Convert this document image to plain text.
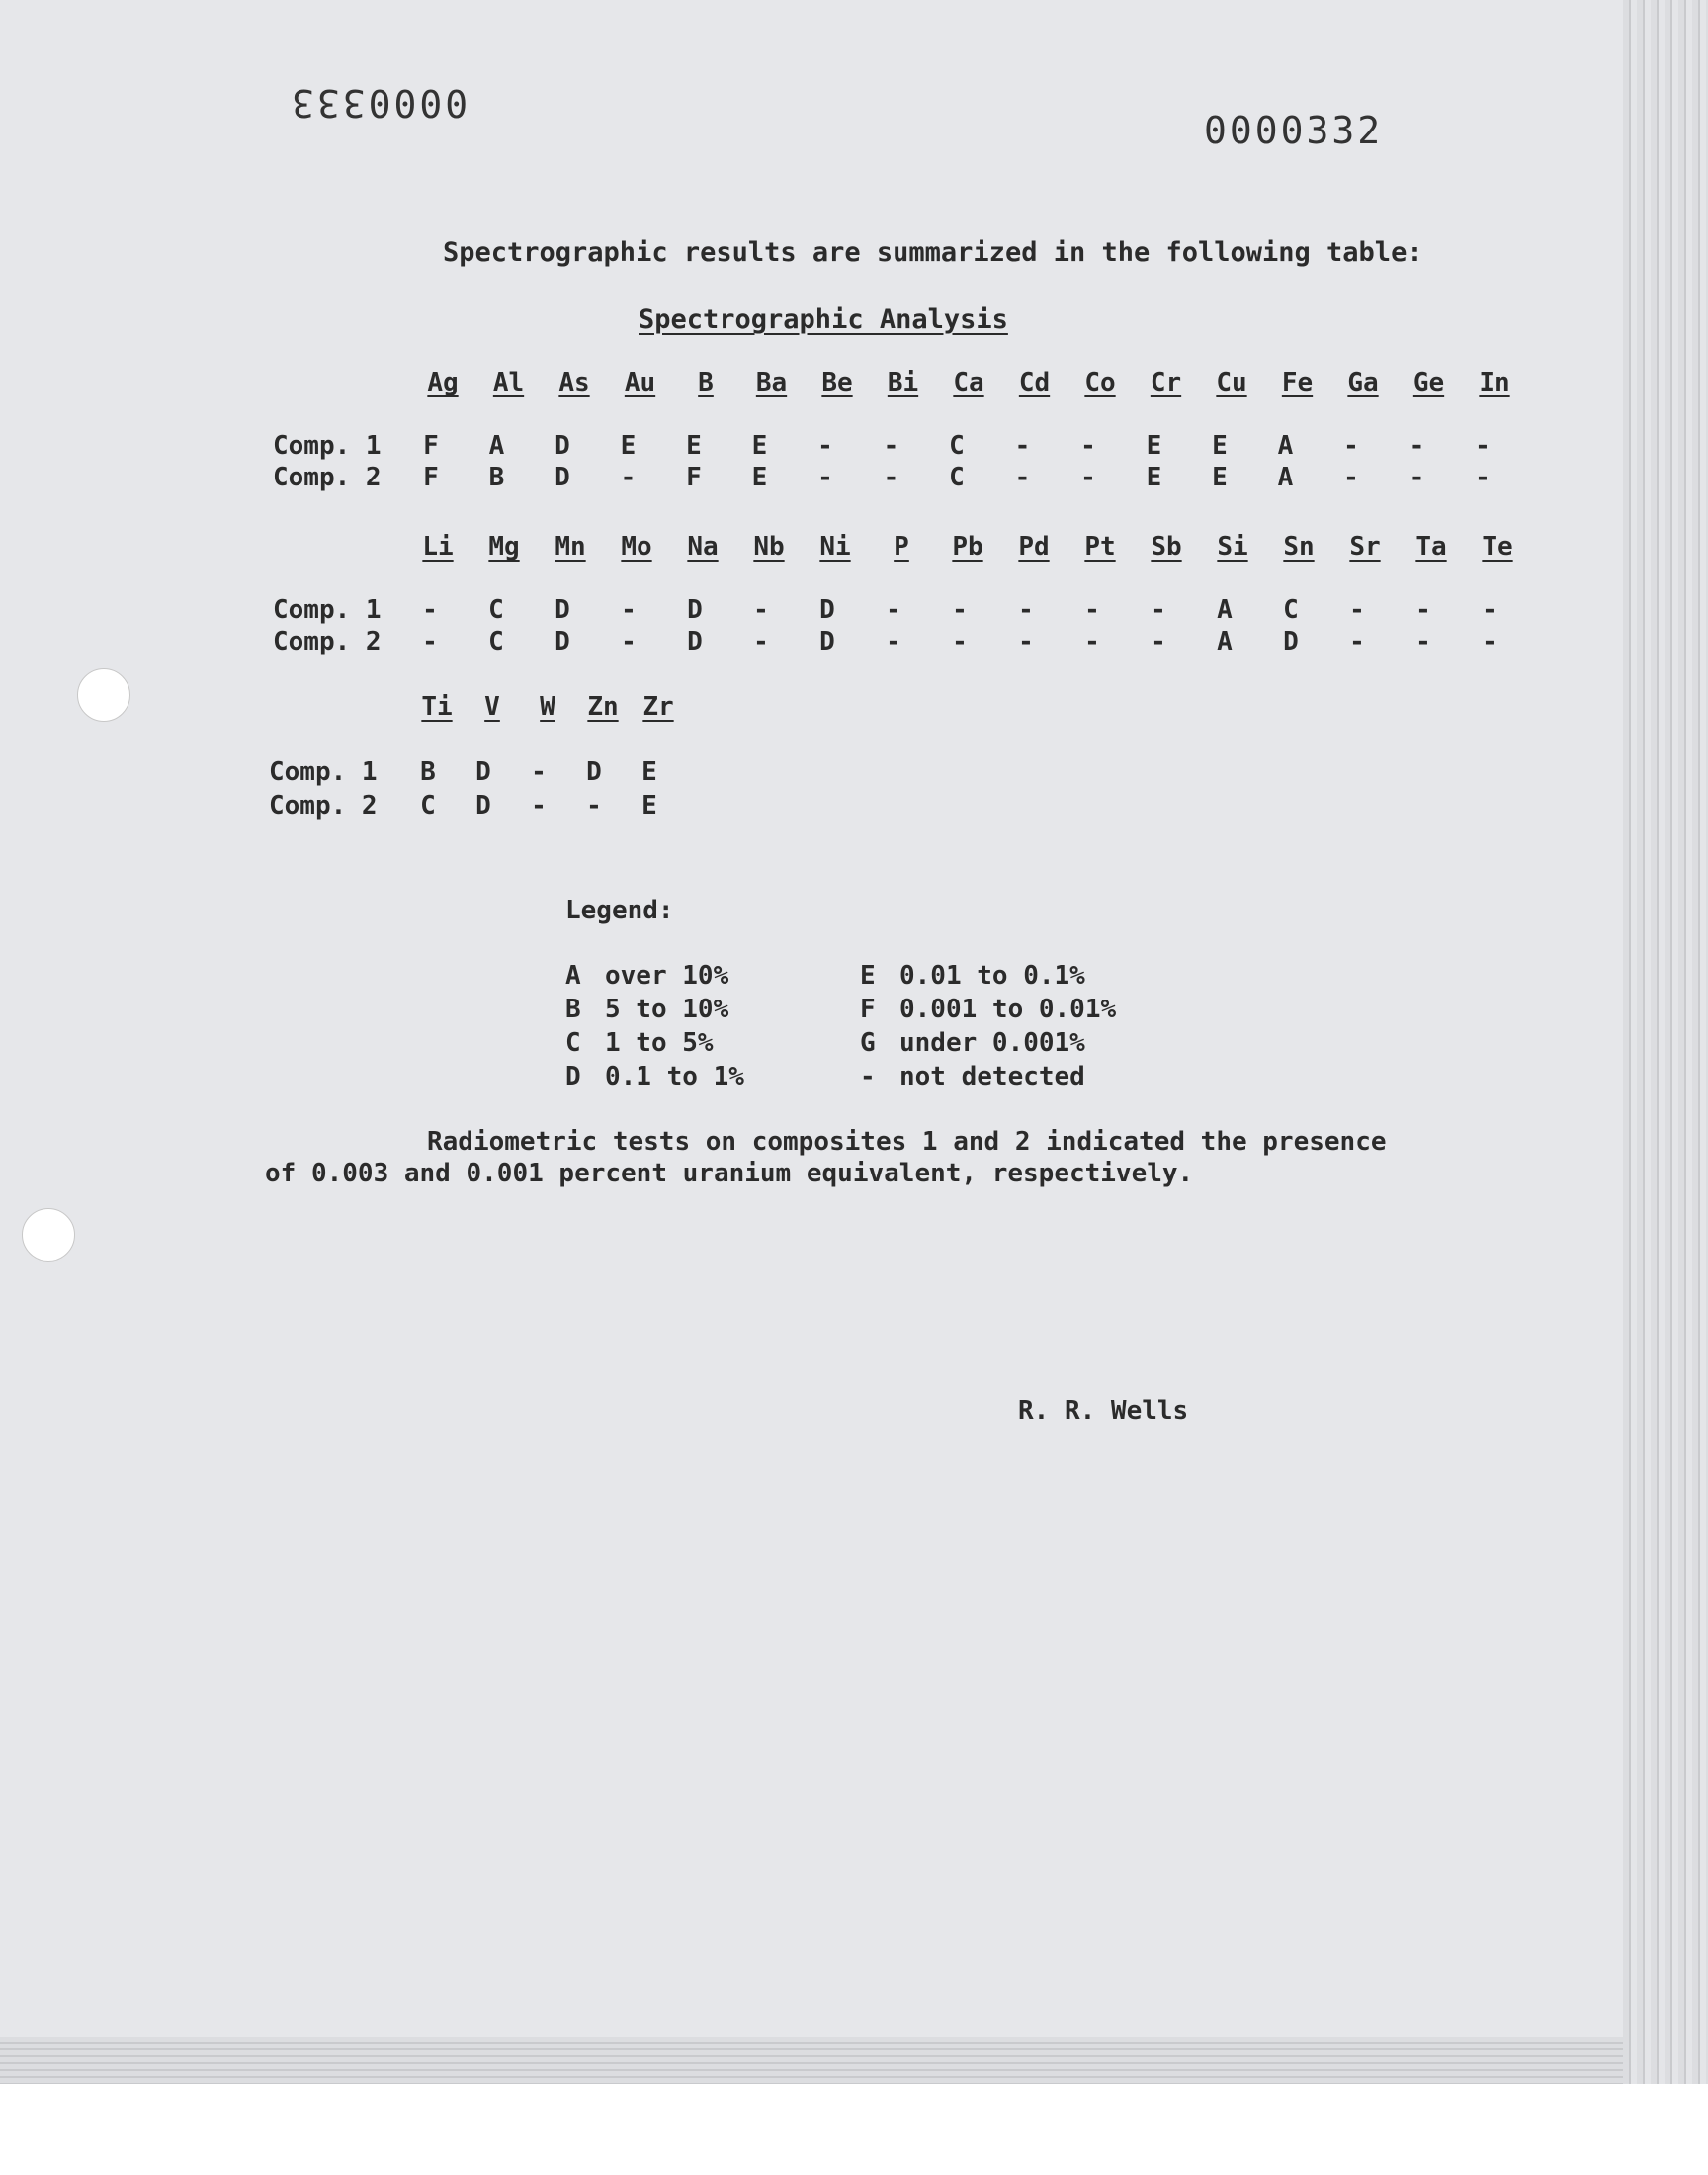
0000333
0000332
Spectrographic results are summarized in the following table:
Spectrographic Analysis
Ag	Al	As	Au	B	Ba	Be	Bi	Ca	Cd	Co	Cr	Cu	Fe	Ga	Ge	In
Comp. 1	F	A	D	E	E	E	-	-	C	-	-	E	E	A	-	-	-
Comp. 2	F	B	D	-	F	E	-	-	C	-	-	E	E	A	-	-	-
Li	Mg	Mn	Mo	Na	Nb	Ni	P	Pb	Pd	Pt	Sb	Si	Sn	Sr	Ta	Te
Comp. 1	-	C	D	-	D	-	D	-	-	-	-	-	A	C	-	-	-
Comp. 2	-	C	D	-	D	-	D	-	-	-	-	-	A	D	-	-	-
Ti	V	W	Zn Zr
Comp. 1	B	D	-	D	E
Comp. 2	C	D	-	-	E
Legend:
A over 10%
B 5 to 10%
C 1 to 5%
D 0.1 to 1%
E 0.01 to 0.1%
F 0.001 to 0.01%
G under 0.001%
- not detected
Radiometric tests on composites 1 and 2 indicated the presence
of 0.003 and 0.001 percent uranium equivalent, respectively.
R. R. Wells
